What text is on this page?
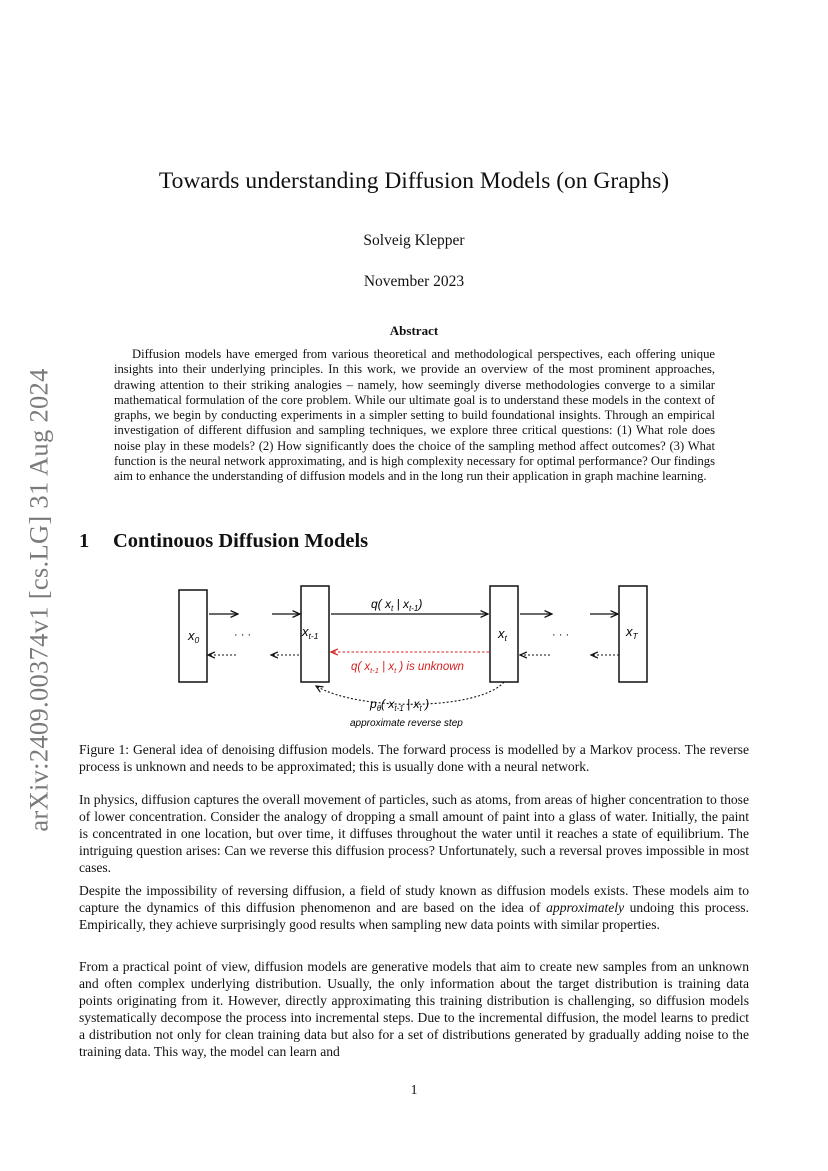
arXiv:2409.00374v1 [cs.LG] 31 Aug 2024
Towards understanding Diffusion Models (on Graphs)
Solveig Klepper
November 2023
Abstract

Diffusion models have emerged from various theoretical and methodological perspectives, each offering unique insights into their underlying principles. In this work, we provide an overview of the most prominent approaches, drawing attention to their striking analogies – namely, how seemingly diverse methodologies converge to a similar mathematical formulation of the core problem. While our ultimate goal is to understand these models in the context of graphs, we begin by conducting experiments in a simpler setting to build foundational insights. Through an empirical investigation of different diffusion and sampling techniques, we explore three critical questions: (1) What role does noise play in these models? (2) How significantly does the choice of the sampling method affect outcomes? (3) What function is the neural network approximating, and is high complexity necessary for optimal performance? Our findings aim to enhance the understanding of diffusion models and in the long run their application in graph machine learning.

1 Continouos Diffusion Models
$x_0$
$x_{t-1}$	$x_t$	$x_T$
· · ·	· · ·
q( $x_t$ | $x_{t-1}$)
q( $x_{t-1}$ | $x_t$ ) is unknown
$p_\theta$( $x_{t-1}$ | $x_t$ )
approximate reverse step

Figure 1: General idea of denoising diffusion models. The forward process is modelled by a Markov process. The reverse process is unknown and needs to be approximated; this is usually done with a neural network.

In physics, diffusion captures the overall movement of particles, such as atoms, from areas of higher concentration to those of lower concentration. Consider the analogy of dropping a small amount of paint into a glass of water. Initially, the paint is concentrated in one location, but over time, it diffuses throughout the water until it reaches a state of equilibrium. The intriguing question arises: Can we reverse this diffusion process? Unfortunately, such a reversal proves impossible in most cases.

Despite the impossibility of reversing diffusion, a field of study known as diffusion models exists. These models aim to capture the dynamics of this diffusion phenomenon and are based on the idea of approximately undoing this process. Empirically, they achieve surprisingly good results when sampling new data points with similar properties.

From a practical point of view, diffusion models are generative models that aim to create new samples from an unknown and often complex underlying distribution. Usually, the only information about the target distribution is training data points originating from it. However, directly approximating this training distribution is challenging, so diffusion models systematically decompose the process into incremental steps. Due to the incremental diffusion, the model learns to predict a distribution not only for clean training data but also for a set of distributions generated by gradually adding noise to the training data. This way, the model can learn and

1
